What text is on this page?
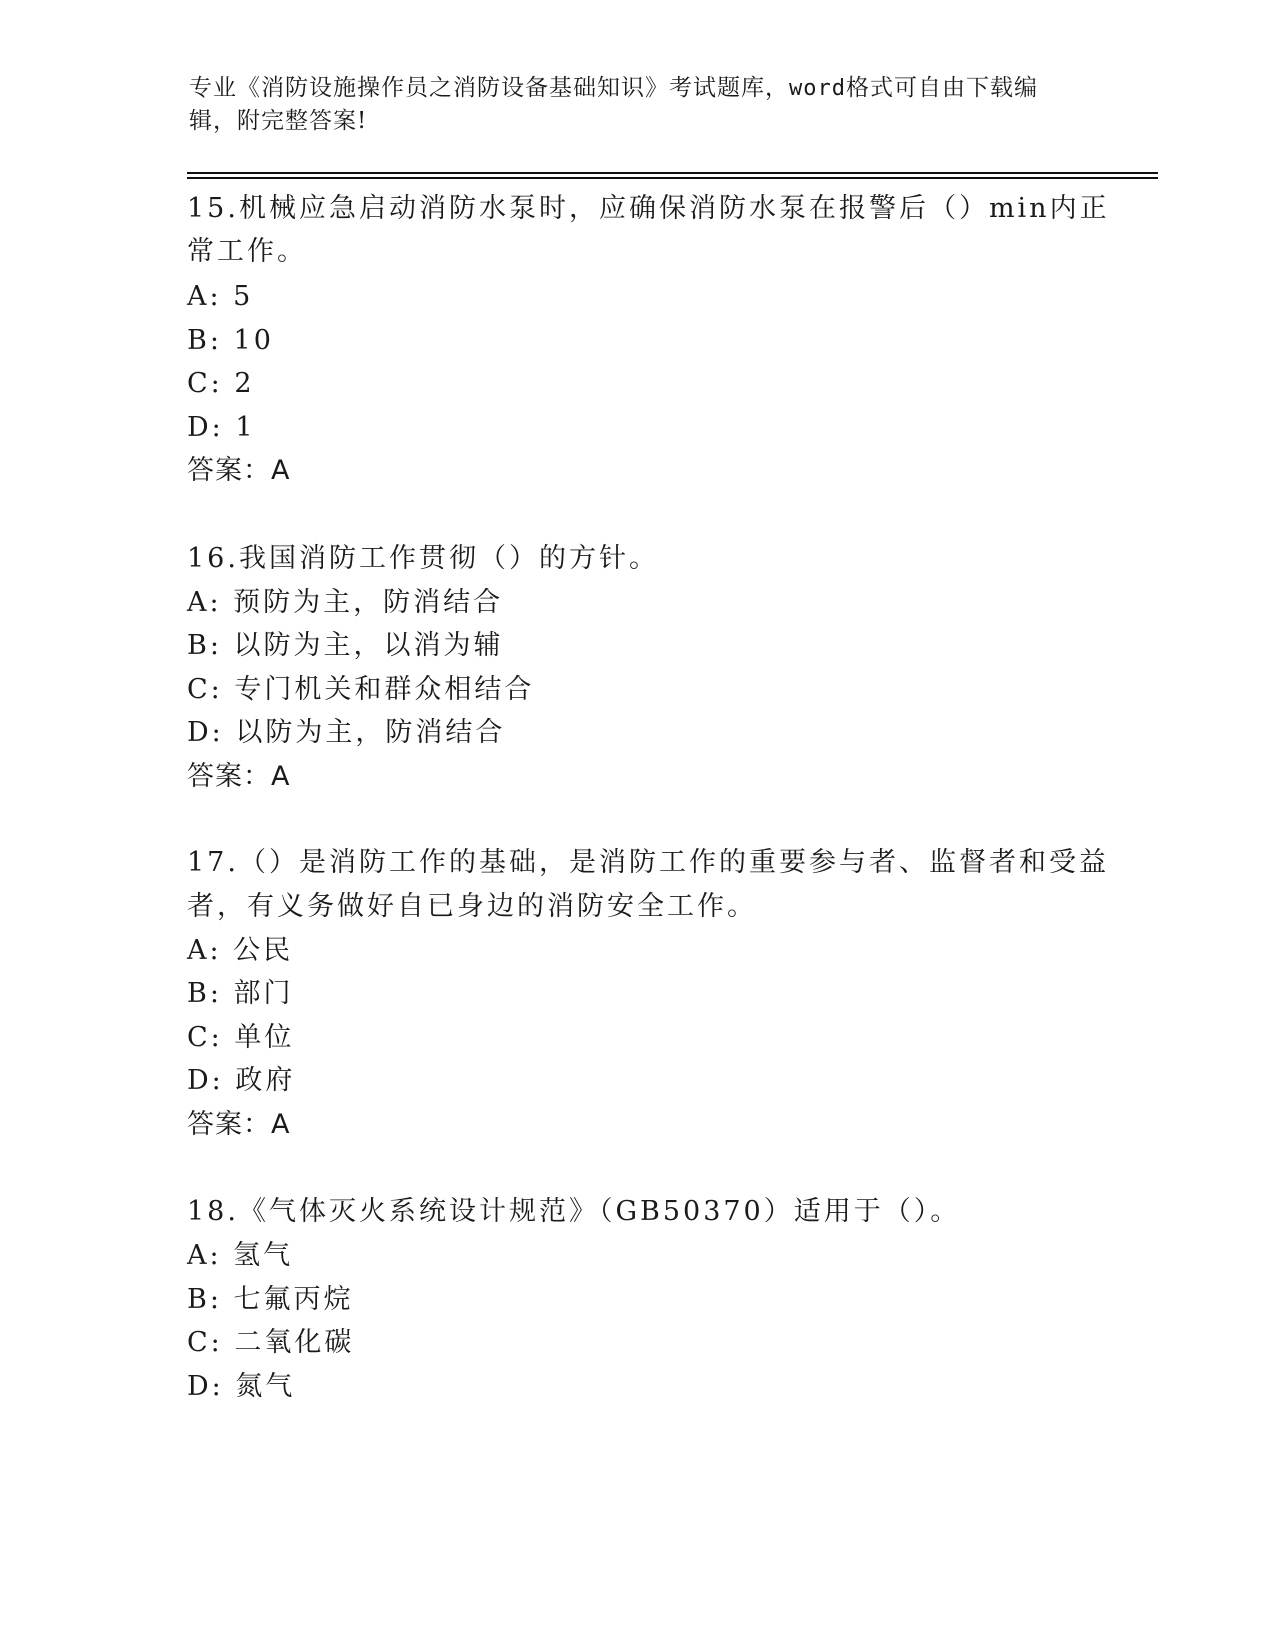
专业《消防设施操作员之消防设备基础知识》考试题库，word格式可自由下载编
辑，附完整答案!
15.机械应急启动消防水泵时，应确保消防水泵在报警后（）min内正
常工作。
A: 5
B: 10
C: 2
D: 1
答案：A
16.我国消防工作贯彻（）的方针。
A: 预防为主，防消结合
B: 以防为主，以消为辅
C: 专门机关和群众相结合
D: 以防为主，防消结合
答案：A
17.（）是消防工作的基础，是消防工作的重要参与者、监督者和受益
者，有义务做好自已身边的消防安全工作。
A: 公民
B: 部门
C: 单位
D: 政府
答案：A
18.《气体灭火系统设计规范》（GB50370）适用于（）。
A: 氢气
B: 七氟丙烷
C: 二氧化碳
D: 氮气
